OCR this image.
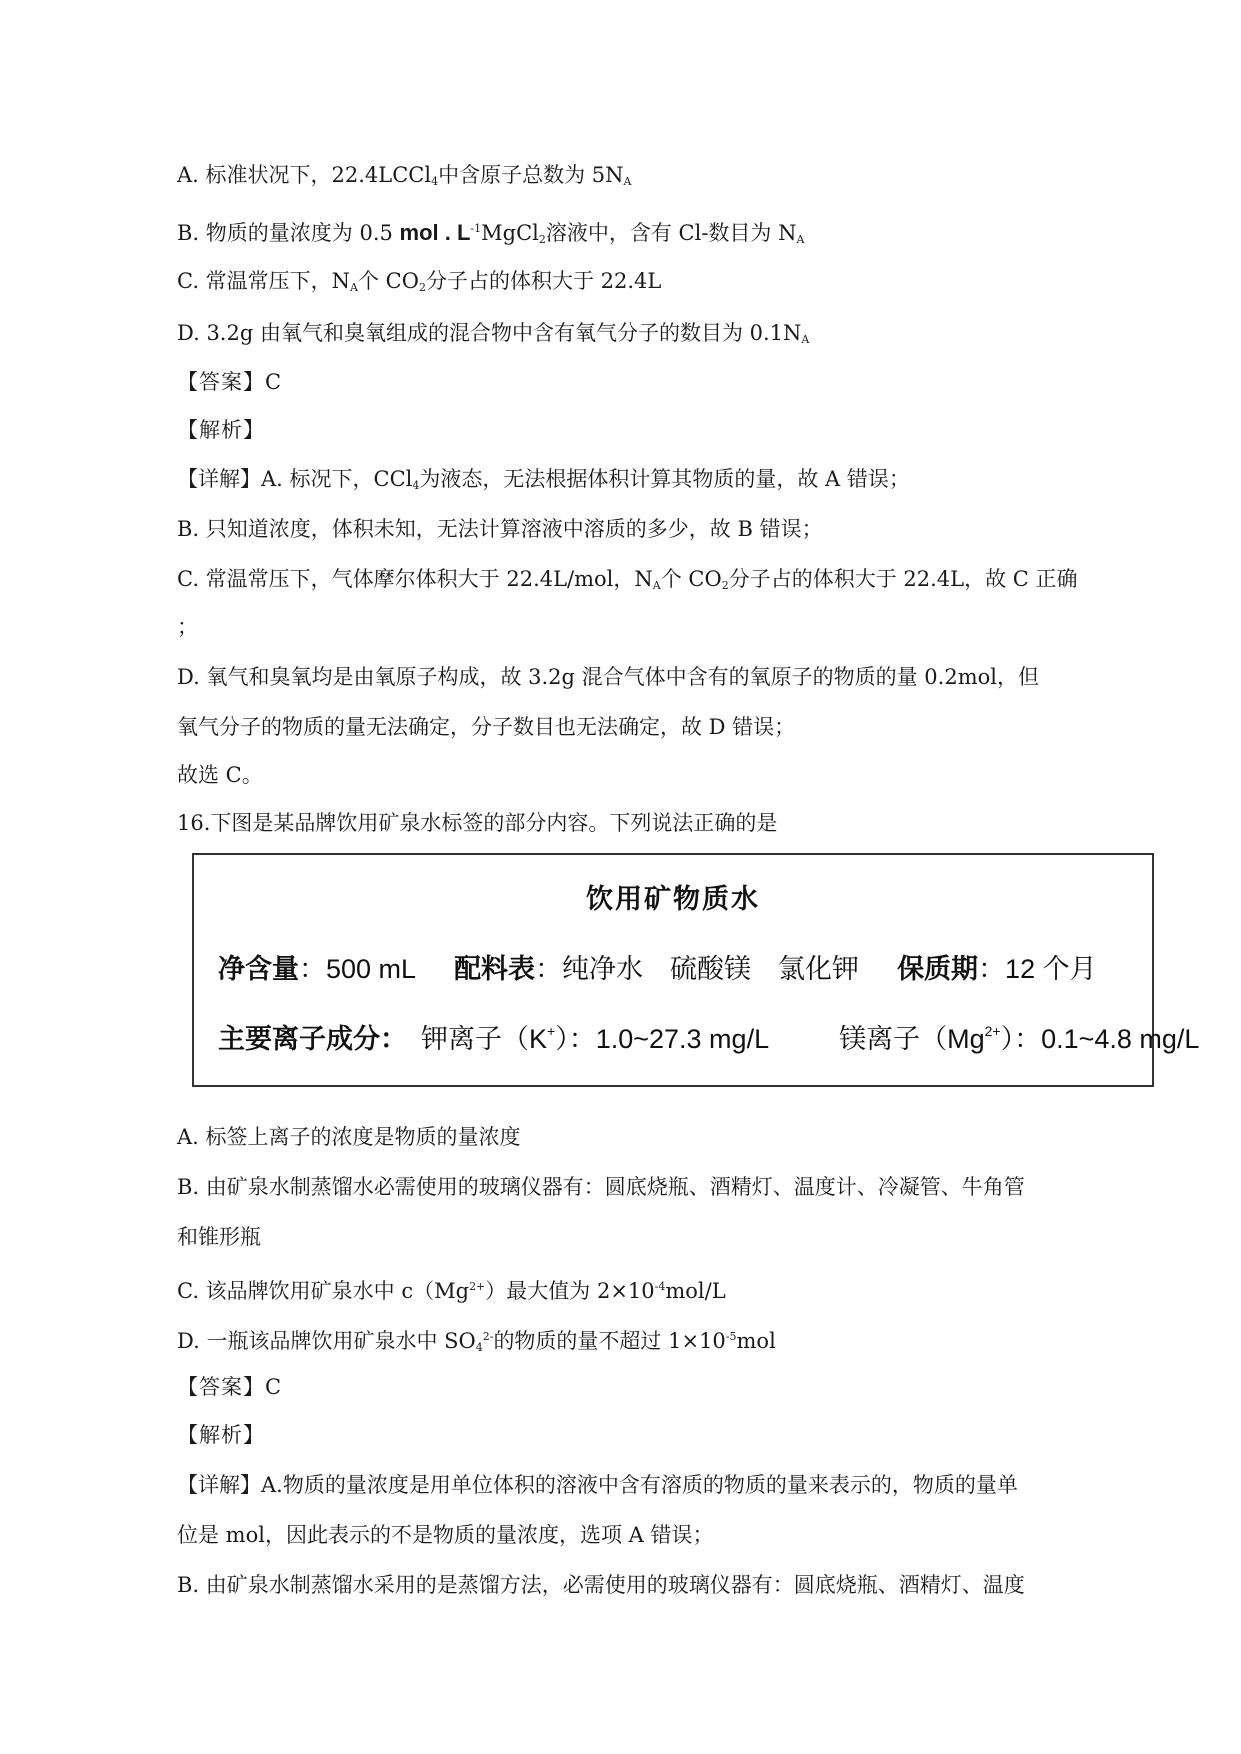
A. 标准状况下，22.4LCCl$_4$中含原子总数为 $5N_A$
B. 物质的量浓度为 0.5 mol . $L^{-1}MgCl_2$溶液中，含有 Cl-数目为 $N_A$
C. 常温常压下，$N_A$个 $CO_2$分子占的体积大于 22.4L
D. 3.2g 由氧气和臭氧组成的混合物中含有氧气分子的数目为 $0.1N_A$
【答案】C
【解析】
【详解】A. 标况下，CCl$_4$为液态，无法根据体积计算其物质的量，故 A 错误；
B. 只知道浓度，体积未知，无法计算溶液中溶质的多少，故 B 错误；
C. 常温常压下，气体摩尔体积大于 22.4L/mol，$N_A$个 $CO_2$分子占的体积大于 22.4L，故 C 正确
；
D. 氧气和臭氧均是由氧原子构成，故 3.2g 混合气体中含有的氧原子的物质的量 0.2mol，但
氧气分子的物质的量无法确定，分子数目也无法确定，故 D 错误；
故选 C。
16.下图是某品牌饮用矿泉水标签的部分内容。下列说法正确的是
饮用矿物质水
净含量：500 mL 配料表：纯净水　硫酸镁　氯化钾 保质期：12 个月
主要离子成分： 钾离子（K+）：1.0~27.3 mg/L	镁离子$(Mg^{2+})$：0.1~4.8 mg/L
A. 标签上离子的浓度是物质的量浓度
B. 由矿泉水制蒸馏水必需使用的玻璃仪器有：圆底烧瓶、酒精灯、温度计、冷凝管、牛角管
和锥形瓶
C. 该品牌饮用矿泉水中 $c(Mg^{2+})$最大值为 $2\times 10^{-4}mol/L$
D. 一瓶该品牌饮用矿泉水中 $SO_4^{2-}$的物质的量不超过 $1\times 10^{-5}mol$
【答案】C
【解析】
【详解】A.物质的量浓度是用单位体积的溶液中含有溶质的物质的量来表示的，物质的量单
位是 mol，因此表示的不是物质的量浓度，选项 A 错误；
B. 由矿泉水制蒸馏水采用的是蒸馏方法，必需使用的玻璃仪器有：圆底烧瓶、酒精灯、温度
